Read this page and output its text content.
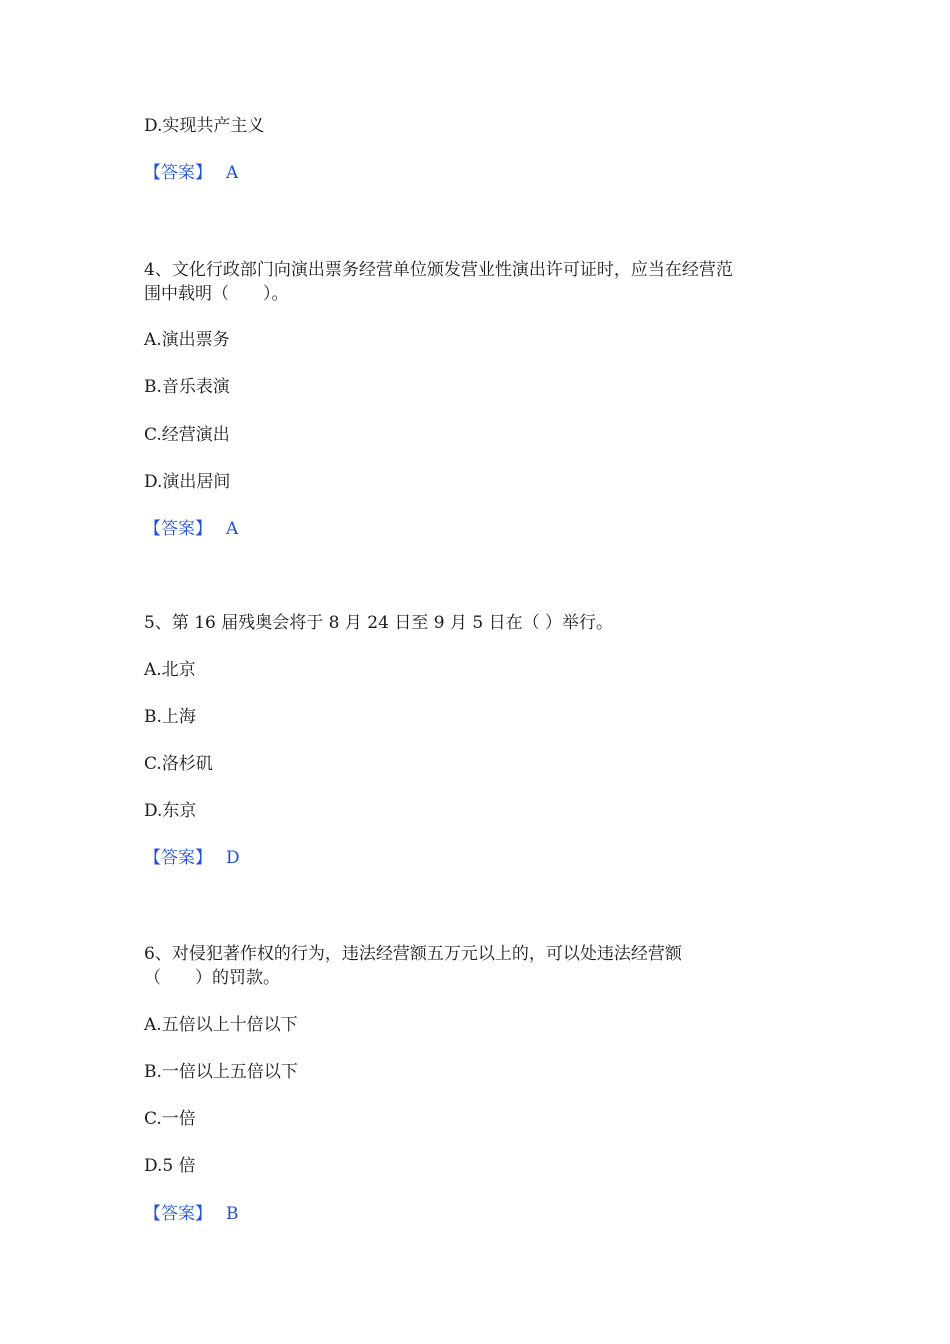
D.实现共产主义
【答案】 A
4、文化行政部门向演出票务经营单位颁发营业性演出许可证时，应当在经营范
围中载明（　　）。
A.演出票务
B.音乐表演
C.经营演出
D.演出居间
【答案】 A
5、第 16 届残奥会将于 8 月 24 日至 9 月 5 日在（ ）举行。
A.北京
B.上海
C.洛杉矶
D.东京
【答案】 D
6、对侵犯著作权的行为，违法经营额五万元以上的，可以处违法经营额
（　　）的罚款。
A.五倍以上十倍以下
B.一倍以上五倍以下
C.一倍
D.5 倍
【答案】 B
